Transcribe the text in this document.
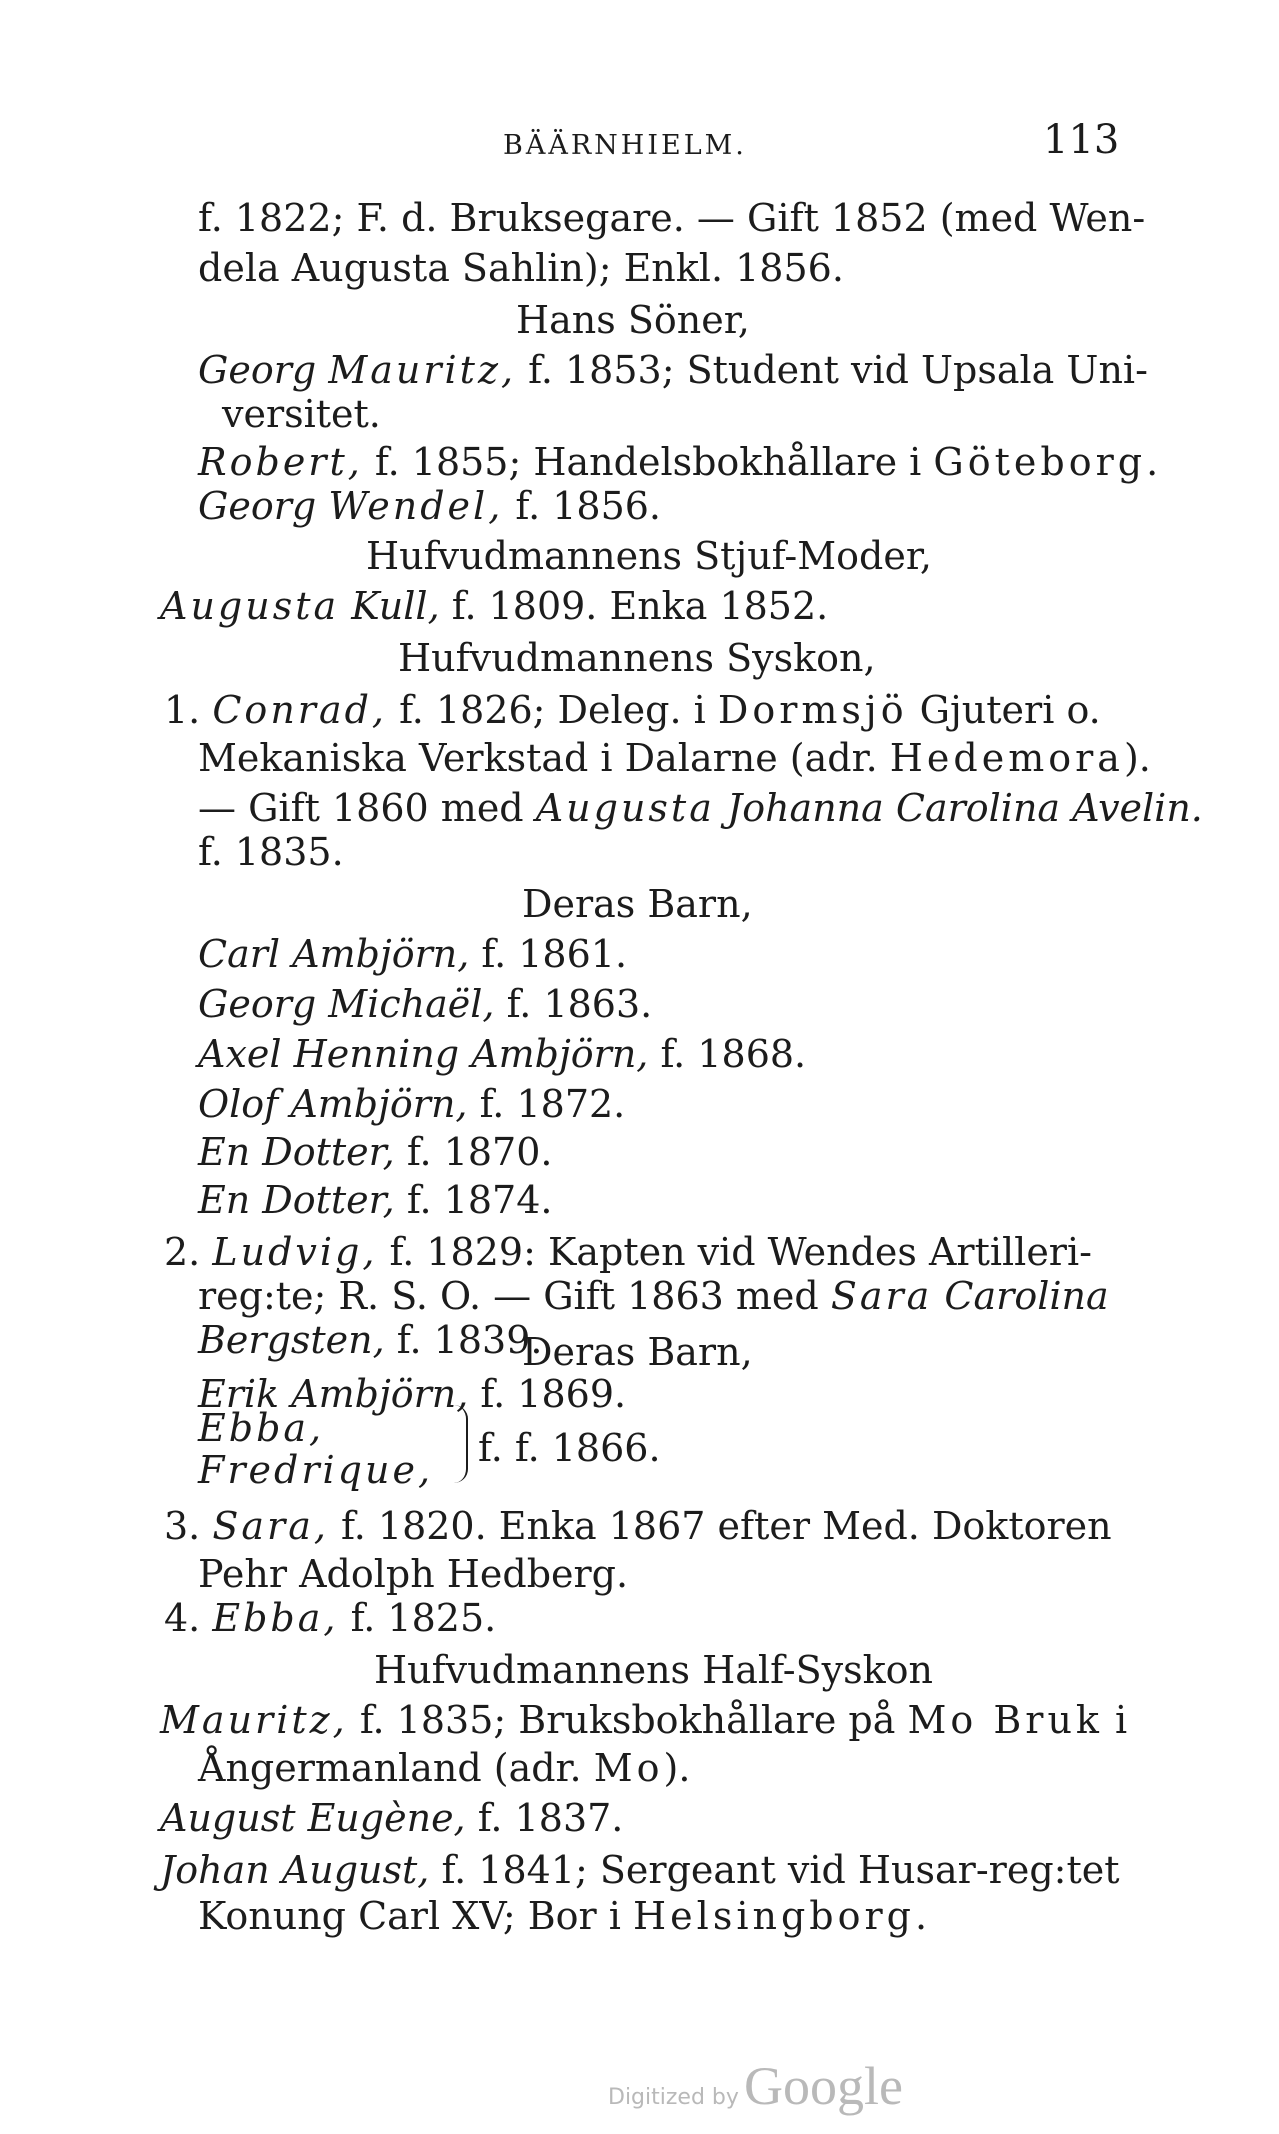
BÄÄRNHIELM.	113
f. 1822; F. d. Bruksegare. — Gift 1852 (med Wen-
dela Augusta Sahlin); Enkl. 1856.
Hans Söner,
Georg Mauritz, f. 1853; Student vid Upsala Uni-
versitet.
Robert, f. 1855; Handelsbokhållare i Göteborg.
Georg Wendel, f. 1856.
Hufvudmannens Stjuf-Moder,
Augusta Kull, f. 1809. Enka 1852.
Hufvudmannens Syskon,
1. Conrad, f. 1826; Deleg. i Dormsjö Gjuteri o.
Mekaniska Verkstad i Dalarne (adr. Hedemora).
— Gift 1860 med Augusta Johanna Carolina Avelin.
f. 1835.
Deras Barn,
Carl Ambjörn, f. 1861.
Georg Michaël, f. 1863.
Axel Henning Ambjörn, f. 1868.
Olof Ambjörn, f. 1872.
En Dotter, f. 1870.
En Dotter, f. 1874.
2. Ludvig, f. 1829: Kapten vid Wendes Artilleri-
reg:te; R. S. O. — Gift 1863 med Sara Carolina
Bergsten, f. 1839.
Deras Barn,
Erik Ambjörn, f. 1869.
Ebba,
Fredrique, f. f. 1866.
3. Sara, f. 1820. Enka 1867 efter Med. Doktoren
Pehr Adolph Hedberg.
4. Ebba, f. 1825.
Hufvudmannens Half-Syskon
Mauritz, f. 1835; Bruksbokhållare på Mo Bruk i
Ångermanland (adr. Mo).
August Eugène, f. 1837.
Johan August, f. 1841; Sergeant vid Husar-reg:tet
Konung Carl XV; Bor i Helsingborg.
Digitized by Google
